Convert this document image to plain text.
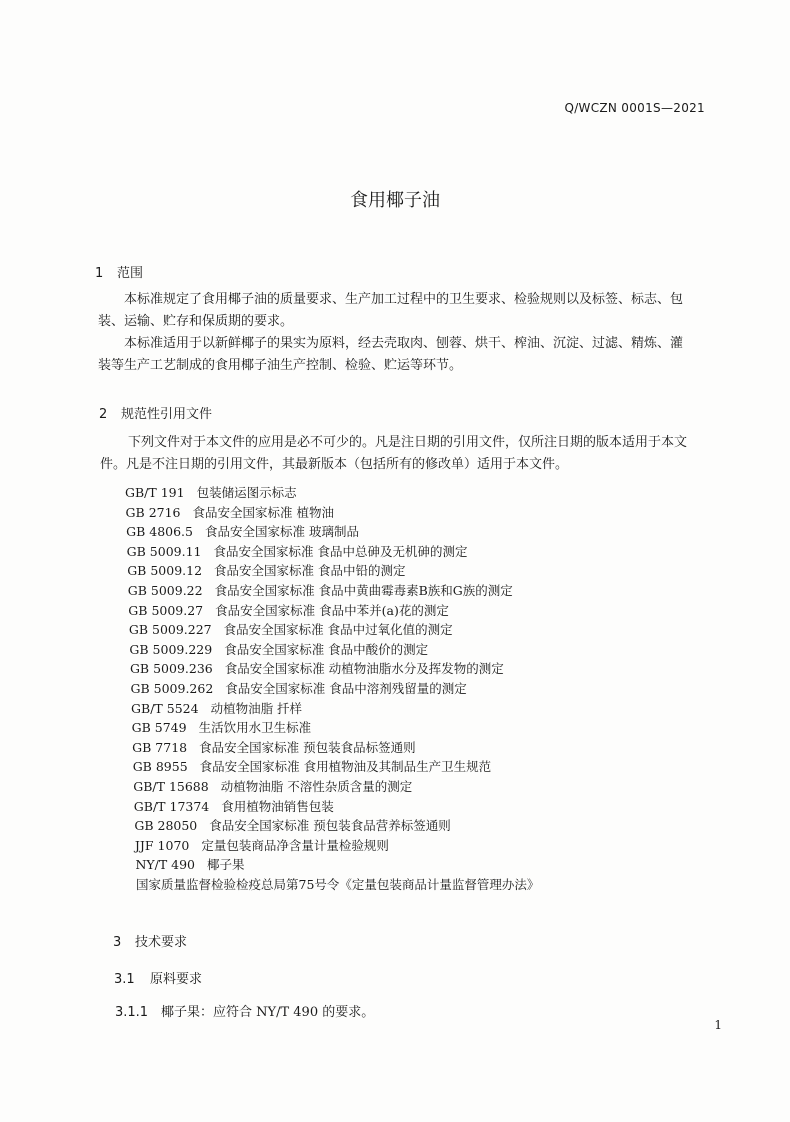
Q/WCZN 0001S—2021
食用椰子油
1 范围
本标准规定了食用椰子油的质量要求、生产加工过程中的卫生要求、检验规则以及标签、标志、包
装、运输、贮存和保质期的要求。
本标准适用于以新鲜椰子的果实为原料，经去壳取肉、刨蓉、烘干、榨油、沉淀、过滤、精炼、灌
装等生产工艺制成的食用椰子油生产控制、检验、贮运等环节。
2 规范性引用文件
下列文件对于本文件的应用是必不可少的。凡是注日期的引用文件，仅所注日期的版本适用于本文
件。凡是不注日期的引用文件，其最新版本（包括所有的修改单）适用于本文件。
GB/T 191 包装储运图示标志
GB 2716 食品安全国家标准 植物油
GB 4806.5 食品安全国家标准 玻璃制品
GB 5009.11 食品安全国家标准 食品中总砷及无机砷的测定
GB 5009.12 食品安全国家标准 食品中铅的测定
GB 5009.22 食品安全国家标准 食品中黄曲霉毒素B族和G族的测定
GB 5009.27 食品安全国家标准 食品中苯并(a)花的测定
GB 5009.227 食品安全国家标准 食品中过氧化值的测定
GB 5009.229 食品安全国家标准 食品中酸价的测定
GB 5009.236 食品安全国家标准 动植物油脂水分及挥发物的测定
GB 5009.262 食品安全国家标准 食品中溶剂残留量的测定
GB/T 5524 动植物油脂 扦样
GB 5749 生活饮用水卫生标准
GB 7718 食品安全国家标准 预包装食品标签通则
GB 8955 食品安全国家标准 食用植物油及其制品生产卫生规范
GB/T 15688 动植物油脂 不溶性杂质含量的测定
GB/T 17374 食用植物油销售包装
GB 28050 食品安全国家标准 预包装食品营养标签通则
JJF 1070 定量包装商品净含量计量检验规则
NY/T 490 椰子果
国家质量监督检验检疫总局第75号令《定量包装商品计量监督管理办法》
3 技术要求
3.1 原料要求
3.1.1 椰子果：应符合 NY/T 490 的要求。
1
